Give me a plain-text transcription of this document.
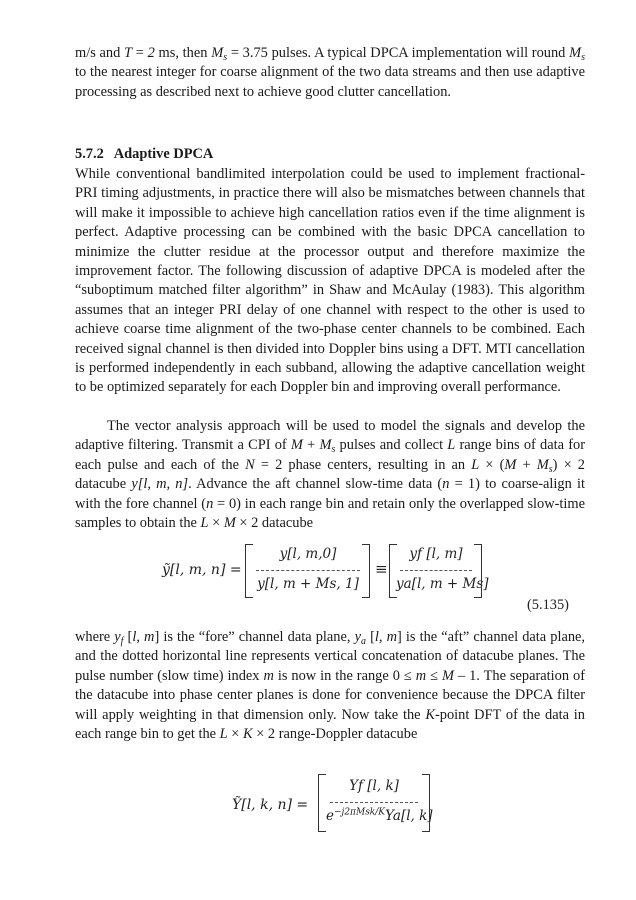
m/s and T = 2 ms, then $M_s = 3.75$ pulses. A typical DPCA implementation will round $M_s$ to the nearest integer for coarse alignment of the two data streams and then use adaptive processing as described next to achieve good clutter cancellation.

5.7.2 Adaptive DPCA

While conventional bandlimited interpolation could be used to implement fractional-PRI timing adjustments, in practice there will also be mismatches between channels that will make it impossible to achieve high cancellation ratios even if the time alignment is perfect. Adaptive processing can be combined with the basic DPCA cancellation to minimize the clutter residue at the processor output and therefore maximize the improvement factor. The following discussion of adaptive DPCA is modeled after the “suboptimum matched filter algorithm” in Shaw and McAulay (1983). This algorithm assumes that an integer PRI delay of one channel with respect to the other is used to achieve coarse time alignment of the two-phase center channels to be combined. Each received signal channel is then divided into Doppler bins using a DFT. MTI cancellation is performed independently in each subband, allowing the adaptive cancellation weight to be optimized separately for each Doppler bin and improving overall performance.

The vector analysis approach will be used to model the signals and develop the adaptive filtering. Transmit a CPI of $M + M_s$ pulses and collect L range bins of data for each pulse and each of the N = 2 phase centers, resulting in an $L \times (M + M_s) \times 2$ datacube y[l, m, n]. Advance the aft channel slow-time data (n = 1) to coarse-align it with the fore channel (n = 0) in each range bin and retain only the overlapped slow-time samples to obtain the L × M × 2 datacube

ỹ[l, m, n] =
y[l, m,0]
y[l, m + Ms, 1]
≡
yf [l, m]
ya[l, m + Ms]
(5.135)

where $y_f$ [l, m] is the “fore” channel data plane, $y_a$ [l, m] is the “aft” channel data plane, and the dotted horizontal line represents vertical concatenation of datacube planes. The pulse number (slow time) index m is now in the range 0 ≤ m ≤ M – 1. The separation of the datacube into phase center planes is done for convenience because the DPCA filter will apply weighting in that dimension only. Now take the K-point DFT of the data in each range bin to get the L × K × 2 range-Doppler datacube

Ỹ[l, k, n] =
Yf [l, k]
$e^{-j2\pi Msk/K}Ya[l$, k]
